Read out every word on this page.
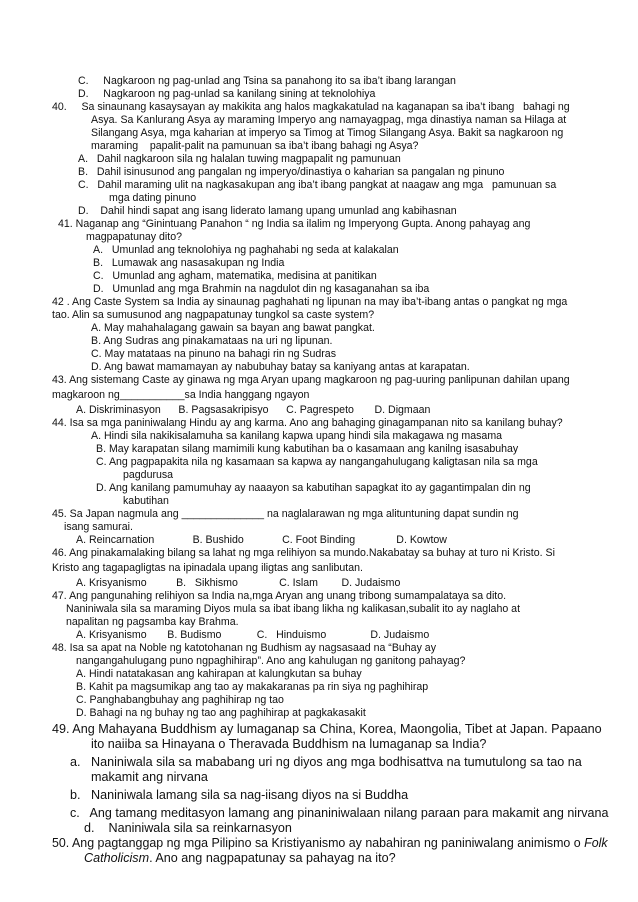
C.     Nagkaroon ng pag-unlad ang Tsina sa panahong ito sa iba’t ibang larangan
D.     Nagkaroon ng pag-unlad sa kanilang sining at teknolohiya
40.     Sa sinaunang kasaysayan ay makikita ang halos magkakatulad na kaganapan sa iba’t ibang   bahagi ng
Asya. Sa Kanlurang Asya ay maraming Imperyo ang namayagpag, mga dinastiya naman sa Hilaga at
Silangang Asya, mga kaharian at imperyo sa Timog at Timog Silangang Asya. Bakit sa nagkaroon ng
maraming    papalit-palit na pamunuan sa iba’t ibang bahagi ng Asya?
A.   Dahil nagkaroon sila ng halalan tuwing magpapalit ng pamunuan
B.   Dahil isinusunod ang pangalan ng imperyo/dinastiya o kaharian sa pangalan ng pinuno
C.   Dahil maraming ulit na nagkasakupan ang iba’t ibang pangkat at naagaw ang mga   pamunuan sa
mga dating pinuno
D.    Dahil hindi sapat ang isang liderato lamang upang umunlad ang kabihasnan
41. Naganap ang “Ginintuang Panahon “ ng India sa ilalim ng Imperyong Gupta. Anong pahayag ang
magpapatunay dito?
A.   Umunlad ang teknolohiya ng paghahabi ng seda at kalakalan
B.   Lumawak ang nasasakupan ng India
C.   Umunlad ang agham, matematika, medisina at panitikan
D.   Umunlad ang mga Brahmin na nagdulot din ng kasaganahan sa iba
42 . Ang Caste System sa India ay sinaunag paghahati ng lipunan na may iba’t-ibang antas o pangkat ng mga
tao. Alin sa sumusunod ang nagpapatunay tungkol sa caste system?
A. May mahahalagang gawain sa bayan ang bawat pangkat.
B. Ang Sudras ang pinakamataas na uri ng lipunan.
C. May matataas na pinuno na bahagi rin ng Sudras
D. Ang bawat mamamayan ay nabubuhay batay sa kaniyang antas at karapatan.
43. Ang sistemang Caste ay ginawa ng mga Aryan upang magkaroon ng pag-uuring panlipunan dahilan upang
magkaroon ng___________sa India hanggang ngayon
A. Diskriminasyon      B. Pagsasakripisyo      C. Pagrespeto       D. Digmaan
44. Isa sa mga paniniwalang Hindu ay ang karma. Ano ang bahaging ginagampanan nito sa kanilang buhay?
A. Hindi sila nakikisalamuha sa kanilang kapwa upang hindi sila makagawa ng masama
B. May karapatan silang mamimili kung kabutihan ba o kasamaan ang kanilng isasabuhay
C. Ang pagpapakita nila ng kasamaan sa kapwa ay nangangahulugang kaligtasan nila sa mga
pagdurusa
D. Ang kanilang pamumuhay ay naaayon sa kabutihan sapagkat ito ay gagantimpalan din ng
kabutihan
45. Sa Japan nagmula ang ______________ na naglalarawan ng mga alituntuning dapat sundin ng
isang samurai.
A. Reincarnation             B. Bushido             C. Foot Binding              D. Kowtow
46. Ang pinakamalaking bilang sa lahat ng mga relihiyon sa mundo.Nakabatay sa buhay at turo ni Kristo. Si
Kristo ang tagapagligtas na ipinadala upang iligtas ang sanlibutan.
A. Krisyanismo          B.   Sikhismo              C. Islam        D. Judaismo
47. Ang pangunahing relihiyon sa India na,mga Aryan ang unang tribong sumampalataya sa dito.
Naniniwala sila sa maraming Diyos mula sa ibat ibang likha ng kalikasan,subalit ito ay naglaho at
napalitan ng pagsamba kay Brahma.
A. Krisyanismo       B. Budismo            C.   Hinduismo               D. Judaismo
48. Isa sa apat na Noble ng katotohanan ng Budhism ay nagsasaad na “Buhay ay
nangangahulugang puno ngpaghihirap”. Ano ang kahulugan ng ganitong pahayag?
A. Hindi natatakasan ang kahirapan at kalungkutan sa buhay
B. Kahit pa magsumikap ang tao ay makakaranas pa rin siya ng paghihirap
C. Panghabangbuhay ang paghihirap ng tao
D. Bahagi na ng buhay ng tao ang paghihirap at pagkakasakit
49. Ang Mahayana Buddhism ay lumaganap sa China, Korea, Maongolia, Tibet at Japan. Papaano
ito naiiba sa Hinayana o Theravada Buddhism na lumaganap sa India?
a.   Naniniwala sila sa mababang uri ng diyos ang mga bodhisattva na tumutulong sa tao na
makamit ang nirvana
b.   Naniniwala lamang sila sa nag-iisang diyos na si Buddha
c.   Ang tamang meditasyon lamang ang pinaniniwalaan nilang paraan para makamit ang nirvana
d.    Naniniwala sila sa reinkarnasyon
50. Ang pagtanggap ng mga Pilipino sa Kristiyanismo ay nabahiran ng paniniwalang animismo o Folk
Catholicism. Ano ang nagpapatunay sa pahayag na ito?
